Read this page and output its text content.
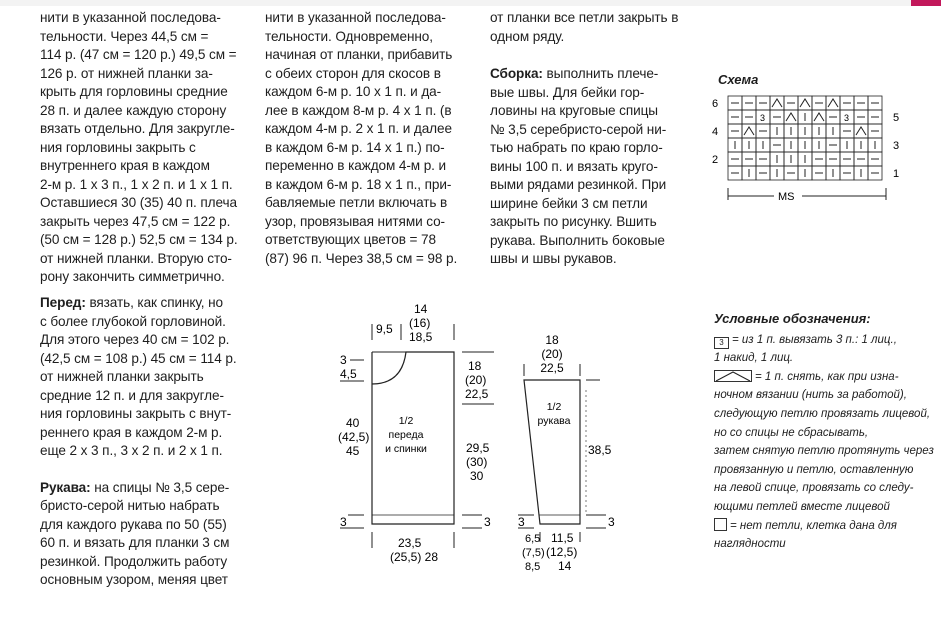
нити в указанной последова-

тельности. Через 44,5 см =

114 р. (47 см = 120 р.) 49,5 см =

126 р. от нижней планки за-

крыть для горловины средние

28 п. и далее каждую сторону

вязать отдельно. Для закругле-

ния горловины закрыть с

внутреннего края в каждом

2-м р. 1 х 3 п., 1 х 2 п. и 1 х 1 п.

Оставшиеся 30 (35) 40 п. плеча

закрыть через 47,5 см = 122 р.

(50 см = 128 р.) 52,5 см = 134 р.

от нижней планки. Вторую сто-

рону закончить симметрично.

Перед: вязать, как спинку, но

с более глубокой горловиной.

Для этого через 40 см = 102 р.

(42,5 см = 108 р.) 45 см = 114 р.

от нижней планки закрыть

средние 12 п. и для закругле-

ния горловины закрыть с внут-

реннего края в каждом 2-м р.

еще 2 х 3 п., 3 х 2 п. и 2 х 1 п.

Рукава: на спицы № 3,5 сере-

бристо-серой нитью набрать

для каждого рукава по 50 (55)

60 п. и вязать для планки 3 см

резинкой. Продолжить работу

основным узором, меняя цвет

нити в указанной последова-

тельности. Одновременно,

начиная от планки, прибавить

с обеих сторон для скосов в

каждом 6-м р. 10 х 1 п. и да-

лее в каждом 8-м р. 4 х 1 п. (в

каждом 4-м р. 2 х 1 п. и далее

в каждом 6-м р. 14 х 1 п.) по-

переменно в каждом 4-м р. и

в каждом 6-м р. 18 х 1 п., при-

бавляемые петли включать в

узор, провязывая нитями со-

ответствующих цветов = 78

(87) 96 п. Через 38,5 см = 98 р.

от планки все петли закрыть в

одном ряду.

Сборка: выполнить плече-

вые швы. Для бейки гор-

ловины на круговые спицы

№ 3,5 серебристо-серой ни-

тью набрать по краю горло-

вины 100 п. и вязать круго-

выми рядами резинкой. При

ширине бейки 3 см петли

закрыть по рисунку. Вшить

рукава. Выполнить боковые

швы и швы рукавов.

Схема
3	3
6
4
2
5
3
1
MS
14
(16)
18,5
9,5
3
4,5
18
(20)
22,5
40
(42,5)
45
1/2
переда
и спинки	29,5
(30)
30
3	3
23,5
(25,5) 28
18
(20)
22,5
1/2
рукава
38,5
3	3
6,5
(7,5)
8,5
11,5
(12,5)
14

Условные обозначения:

3 = из 1 п. вывязать 3 п.: 1 лиц.,

1 накид, 1 лиц.

= 1 п. снять, как при изна-

ночном вязании (нить за работой),

следующую петлю провязать лицевой,

но со спицы не сбрасывать,

затем снятую петлю протянуть через

провязанную и петлю, оставленную

на левой спице, провязать со следу-

ющими петлей вместе лицевой

= нет петли, клетка дана для

наглядности
